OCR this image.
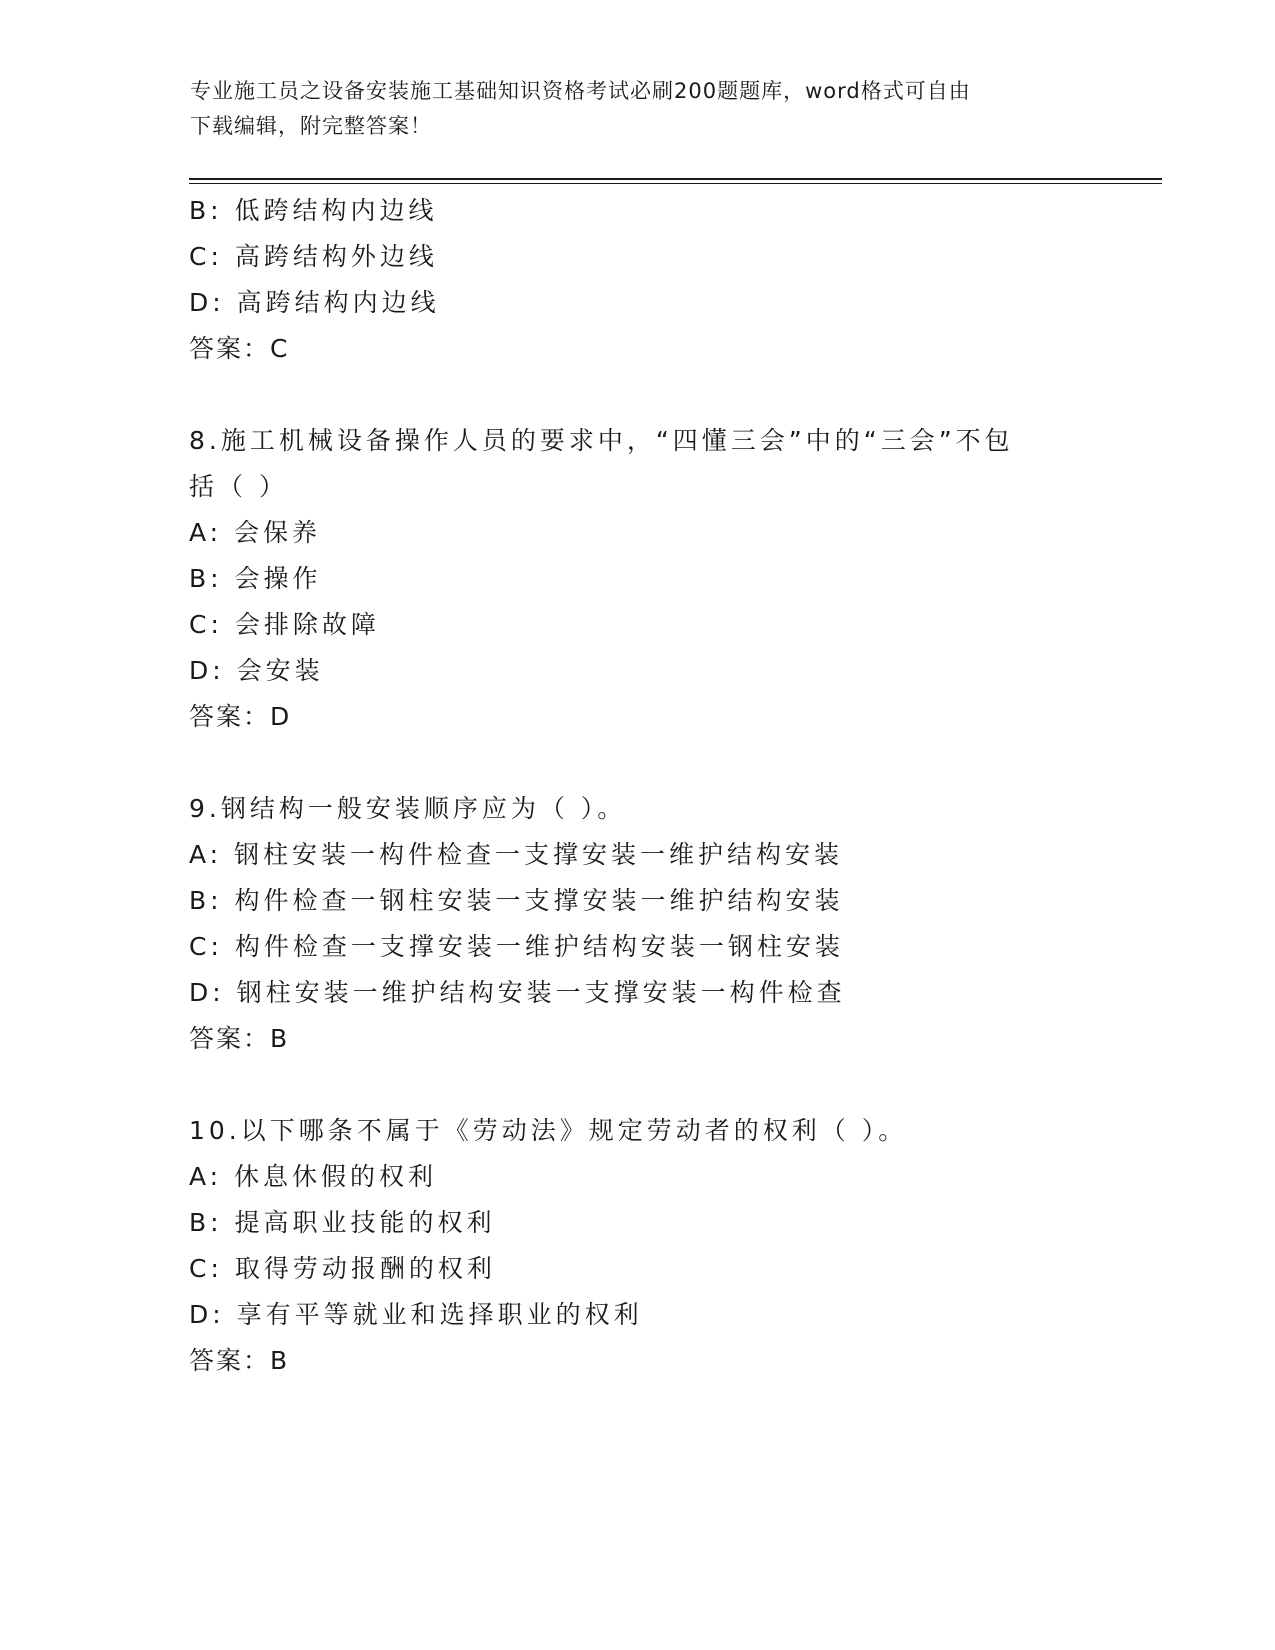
专业施工员之设备安装施工基础知识资格考试必刷200题题库，word格式可自由
下载编辑，附完整答案！
B: 低跨结构内边线
C: 高跨结构外边线
D: 高跨结构内边线
答案：C
8.施工机械设备操作人员的要求中，“四懂三会”中的“三会”不包
括（ ）
A: 会保养
B: 会操作
C: 会排除故障
D: 会安装
答案：D
9.钢结构一般安装顺序应为（ ）。
A: 钢柱安装一构件检查一支撑安装一维护结构安装
B: 构件检查一钢柱安装一支撑安装一维护结构安装
C: 构件检查一支撑安装一维护结构安装一钢柱安装
D: 钢柱安装一维护结构安装一支撑安装一构件检查
答案：B
10.以下哪条不属于《劳动法》规定劳动者的权利（ ）。
A: 休息休假的权利
B: 提高职业技能的权利
C: 取得劳动报酬的权利
D: 享有平等就业和选择职业的权利
答案：B
